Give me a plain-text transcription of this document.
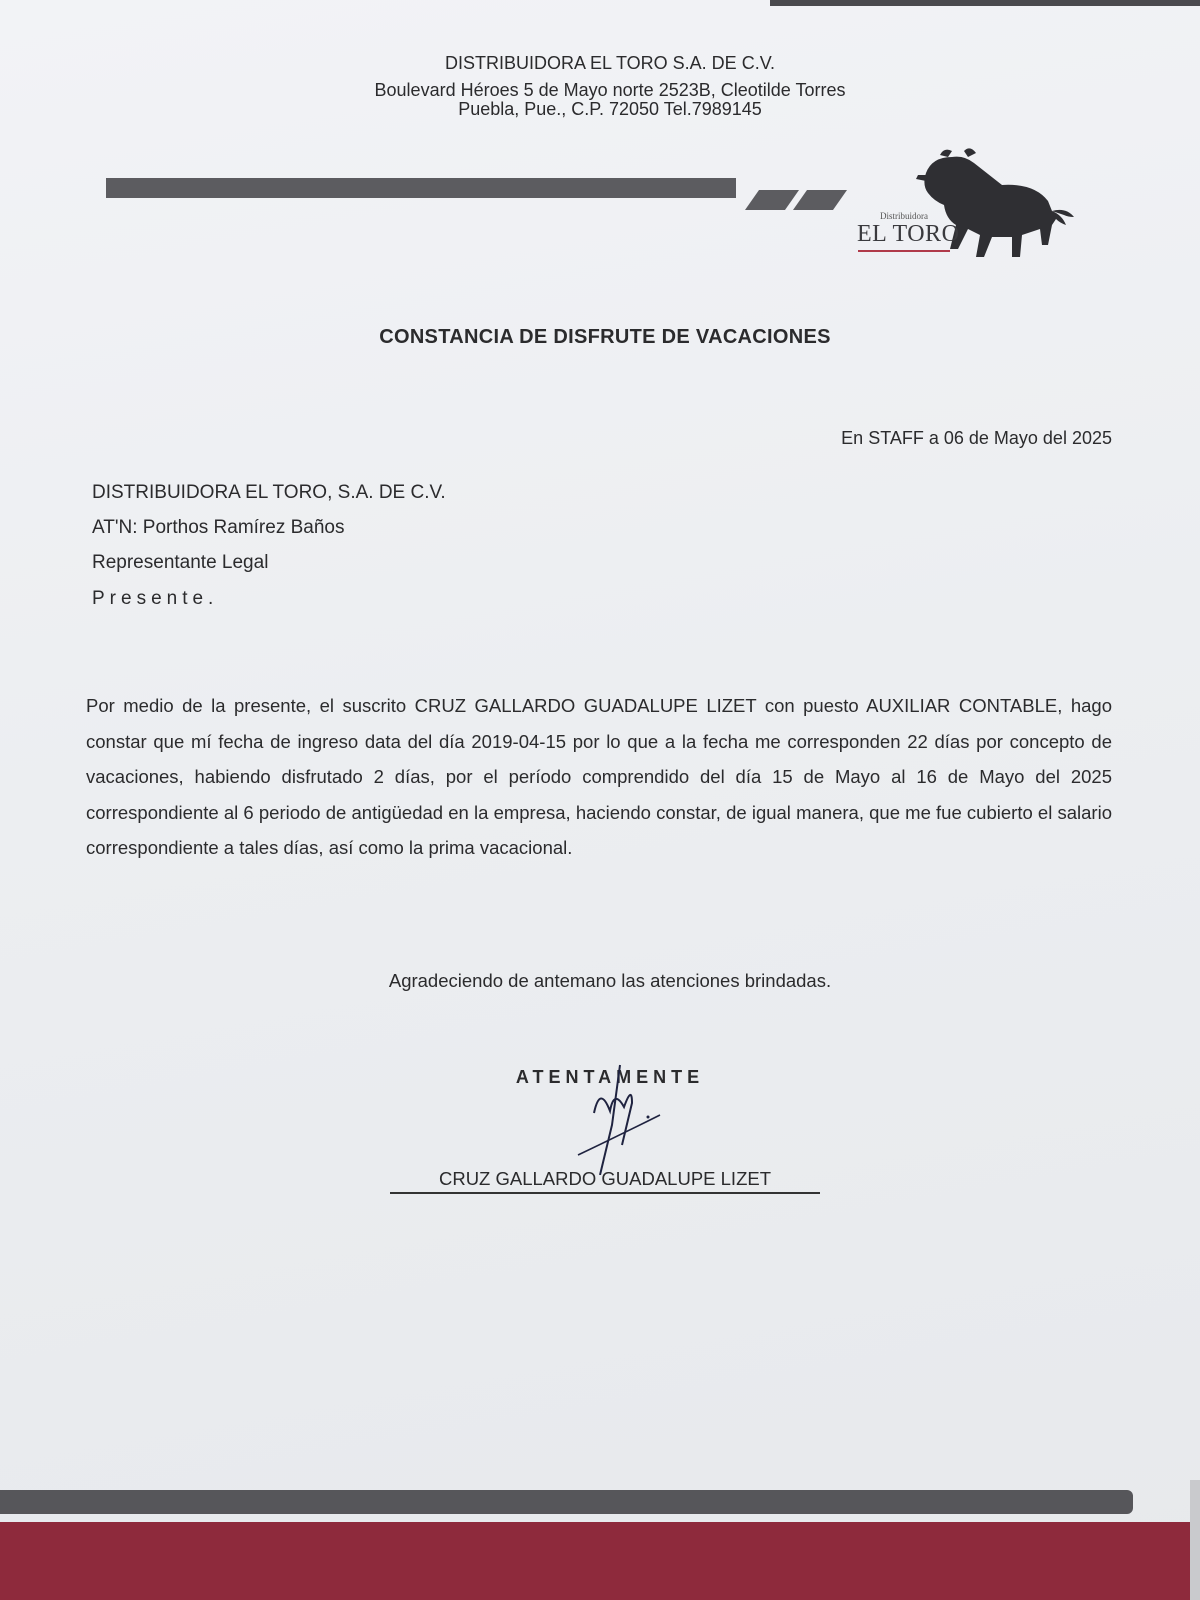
DISTRIBUIDORA EL TORO S.A. DE C.V.
Boulevard Héroes 5 de Mayo norte 2523B, Cleotilde Torres
Puebla, Pue., C.P. 72050 Tel.7989145
Distribuidora
EL TORO
CONSTANCIA DE DISFRUTE DE VACACIONES
En STAFF a 06 de Mayo del 2025
DISTRIBUIDORA EL TORO, S.A. DE C.V.
AT'N: Porthos Ramírez Baños
Representante Legal
Presente.
Por medio de la presente, el suscrito CRUZ GALLARDO GUADALUPE LIZET con puesto AUXILIAR CONTABLE, hago constar que mí fecha de ingreso data del día 2019-04-15 por lo que a la fecha me corresponden 22 días por concepto de vacaciones, habiendo disfrutado 2 días, por el período comprendido del día 15 de Mayo al 16 de Mayo del 2025 correspondiente al 6 periodo de antigüedad en la empresa, haciendo constar, de igual manera, que me fue cubierto el salario correspondiente a tales días, así como la prima vacacional.
Agradeciendo de antemano las atenciones brindadas.
ATENTAMENTE
CRUZ GALLARDO GUADALUPE LIZET
